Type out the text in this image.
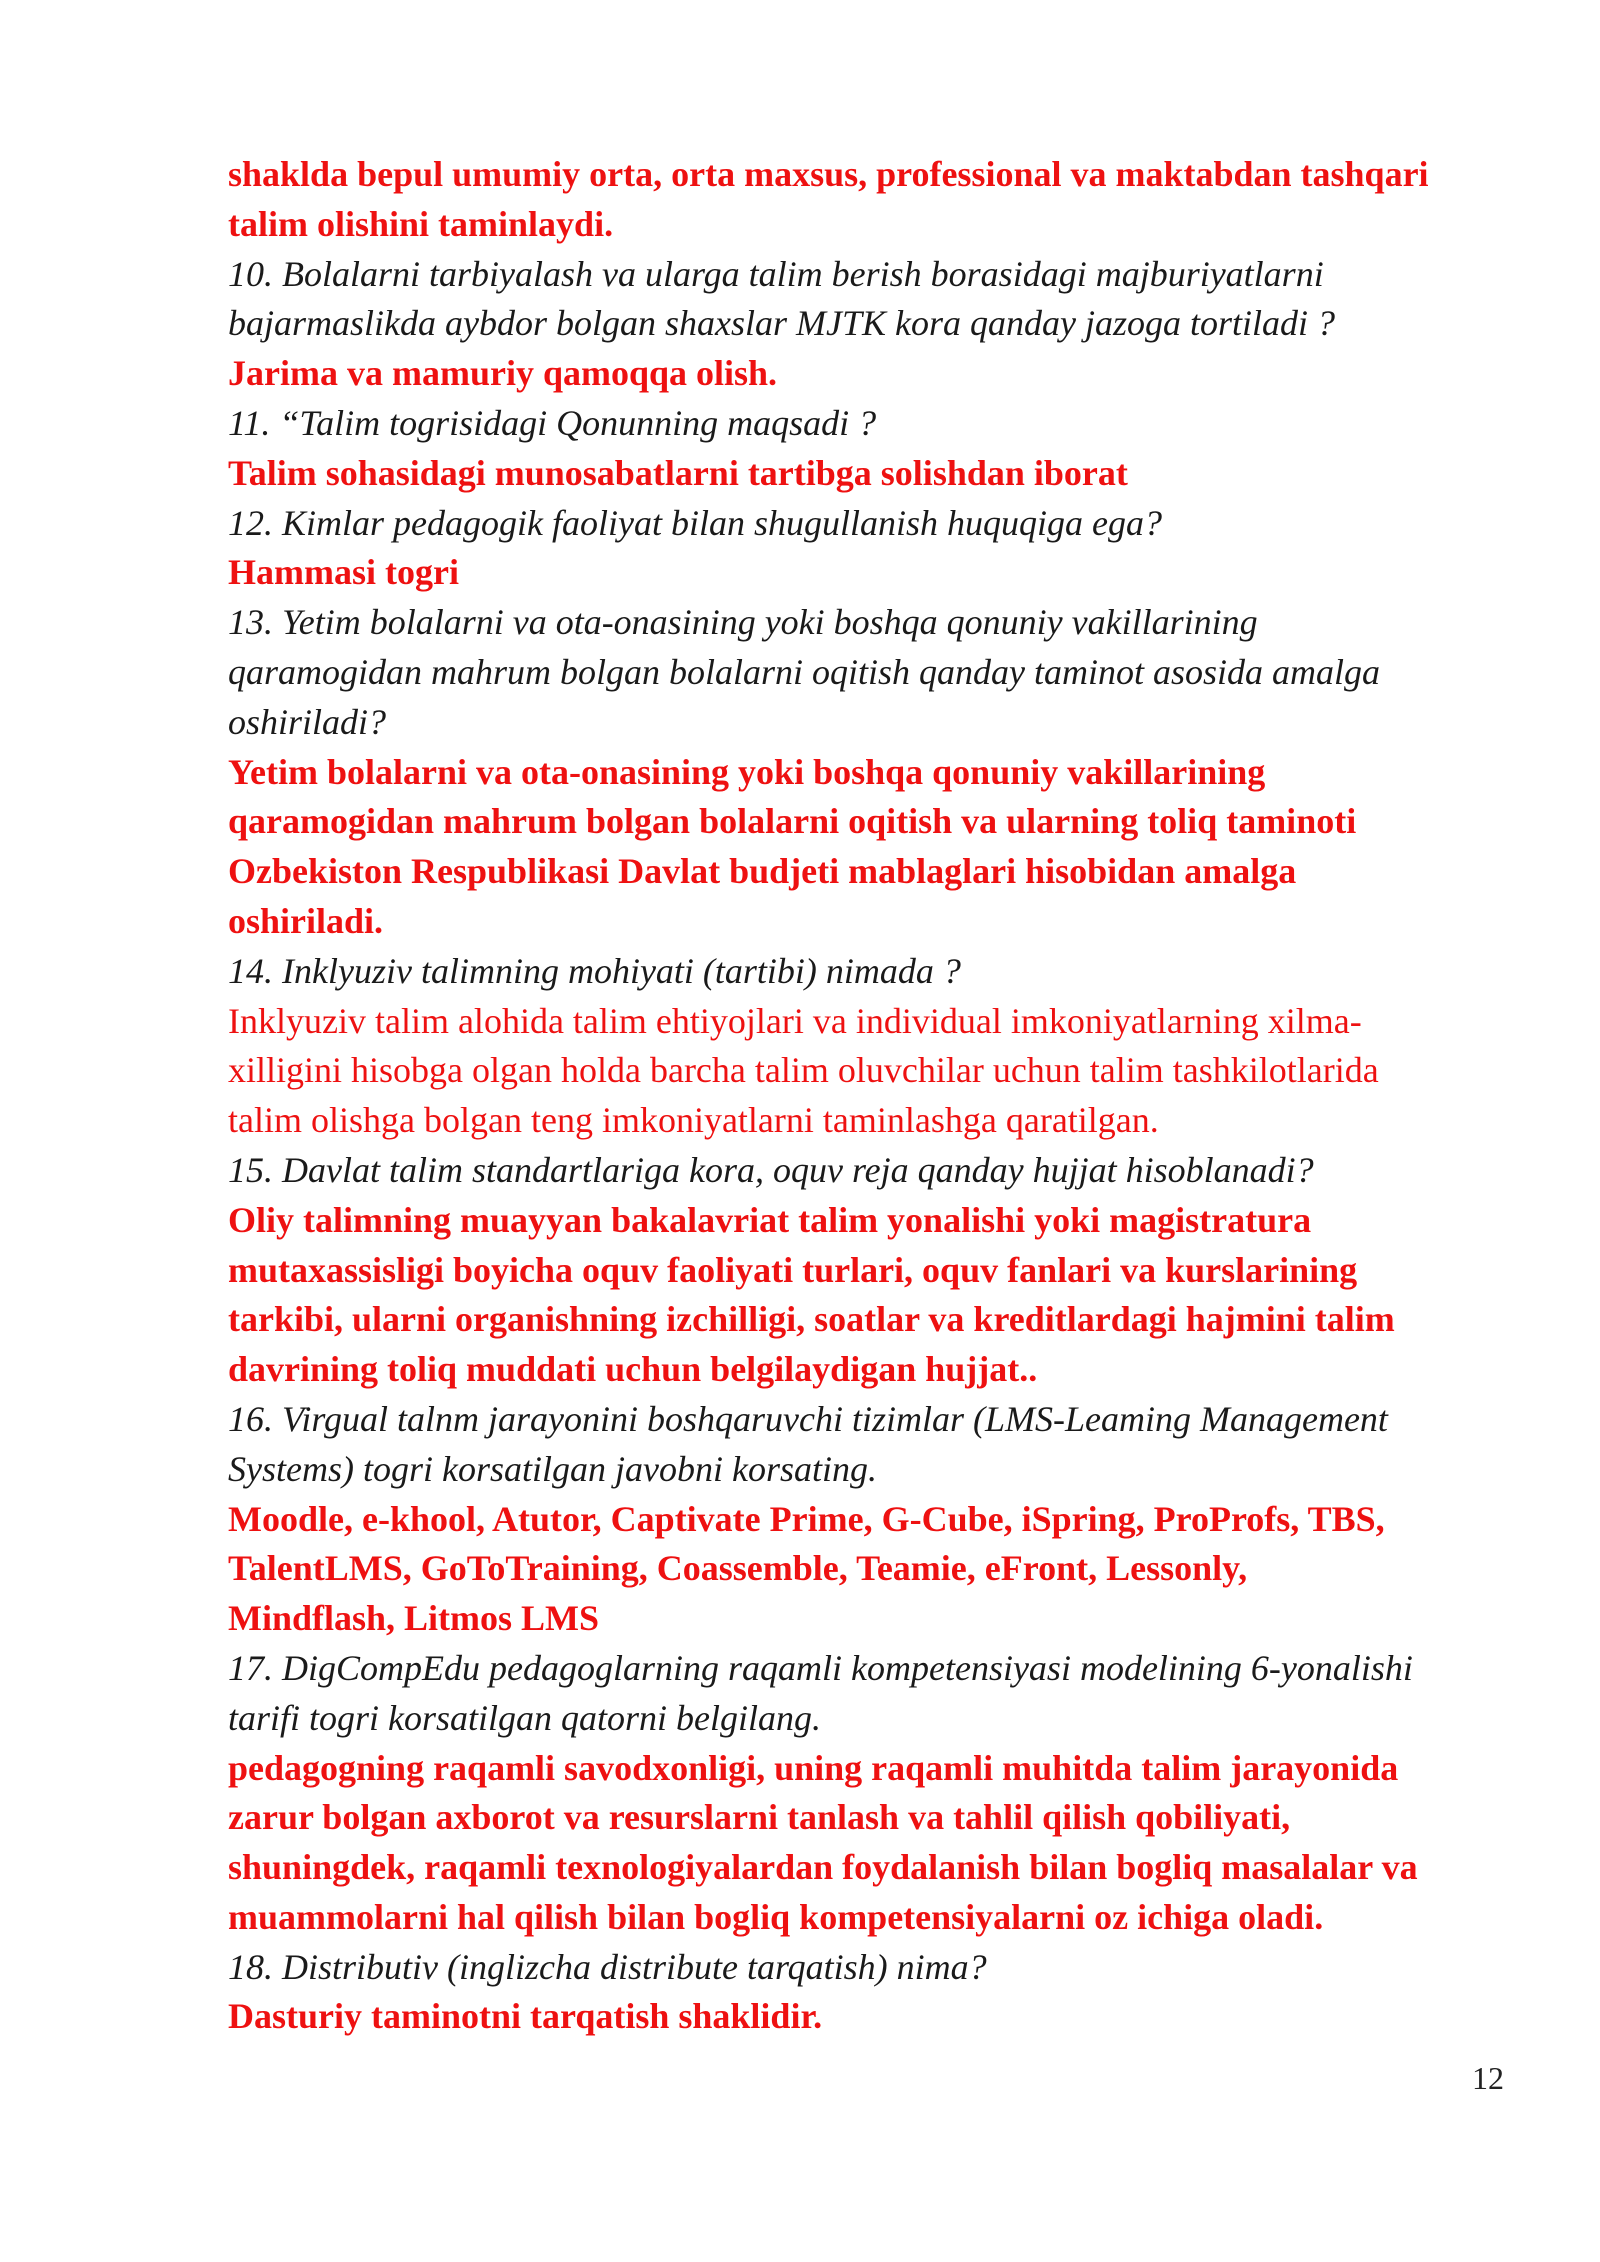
shaklda bepul umumiy orta, orta maxsus, professional va maktabdan tashqari
talim olishini taminlaydi.
10. Bolalarni tarbiyalash va ularga talim berish borasidagi majburiyatlarni
bajarmaslikda aybdor bolgan shaxslar MJTK kora qanday jazoga tortiladi ?
Jarima va mamuriy qamoqqa olish.
11. “Talim togrisidagi Qonunning maqsadi ?
Talim sohasidagi munosabatlarni tartibga solishdan iborat
12. Kimlar pedagogik faoliyat bilan shugullanish huquqiga ega?
Hammasi togri
13. Yetim bolalarni va ota-onasining yoki boshqa qonuniy vakillarining
qaramogidan mahrum bolgan bolalarni oqitish qanday taminot asosida amalga
oshiriladi?
Yetim bolalarni va ota-onasining yoki boshqa qonuniy vakillarining
qaramogidan mahrum bolgan bolalarni oqitish va ularning toliq taminoti
Ozbekiston Respublikasi Davlat budjeti mablaglari hisobidan amalga
oshiriladi.
14. Inklyuziv talimning mohiyati (tartibi) nimada ?
Inklyuziv talim alohida talim ehtiyojlari va individual imkoniyatlarning xilma-
xilligini hisobga olgan holda barcha talim oluvchilar uchun talim tashkilotlarida
talim olishga bolgan teng imkoniyatlarni taminlashga qaratilgan.
15. Davlat talim standartlariga kora, oquv reja qanday hujjat hisoblanadi?
Oliy talimning muayyan bakalavriat talim yonalishi yoki magistratura
mutaxassisligi boyicha oquv faoliyati turlari, oquv fanlari va kurslarining
tarkibi, ularni organishning izchilligi, soatlar va kreditlardagi hajmini talim
davrining toliq muddati uchun belgilaydigan hujjat..
16. Virgual talnm jarayonini boshqaruvchi tizimlar (LMS-Leaming Management
Systems) togri korsatilgan javobni korsating.
Moodle, e-khool, Atutor, Captivate Prime, G-Cube, iSpring, ProProfs, TBS,
TalentLMS, GoToTraining, Coassemble, Teamie, eFront, Lessonly,
Mindflash, Litmos LMS
17. DigCompEdu pedagoglarning raqamli kompetensiyasi modelining 6-yonalishi
tarifi togri korsatilgan qatorni belgilang.
pedagogning raqamli savodxonligi, uning raqamli muhitda talim jarayonida
zarur bolgan axborot va resurslarni tanlash va tahlil qilish qobiliyati,
shuningdek, raqamli texnologiyalardan foydalanish bilan bogliq masalalar va
muammolarni hal qilish bilan bogliq kompetensiyalarni oz ichiga oladi.
18. Distributiv (inglizcha distribute tarqatish) nima?
Dasturiy taminotni tarqatish shaklidir.
12
